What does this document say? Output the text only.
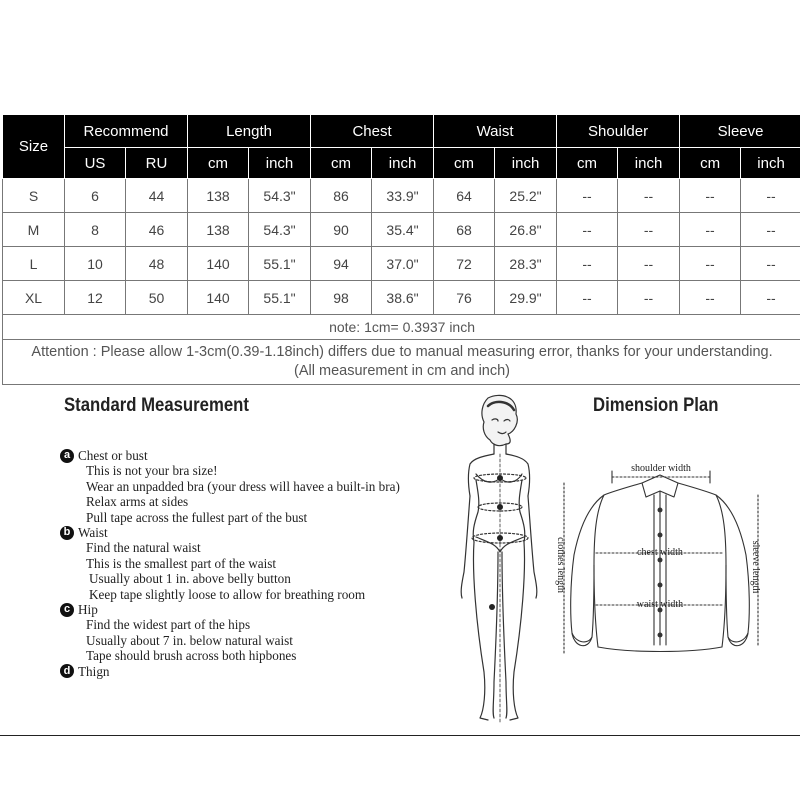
Size	Recommend		Length		Chest		Waist		Shoulder		Sleeve	
	US	RU	cm	inch	cm	inch	cm	inch	cm	inch	cm	inch
S	6	44	138	54.3"	86	33.9"	64	25.2"	--	--	--	--
M	8	46	138	54.3"	90	35.4"	68	26.8"	--	--	--	--
L	10	48	140	55.1"	94	37.0"	72	28.3"	--	--	--	--
XL	12	50	140	55.1"	98	38.6"	76	29.9"	--	--	--	--
note: 1cm= 0.3937 inch												
Attention : Please allow 1-3cm(0.39-1.18inch) differs due to manual measuring error, thanks for your understanding. (All measurement in cm and inch)												
Standard Measurement
a Chest or bust
This is not your bra size!
Wear an unpadded bra (your dress will havee a built-in bra)
Relax arms at sides
Pull tape across the fullest part of the bust
b Waist
Find the natural waist
This is the smallest part of the waist
Usually about 1 in. above belly button
Keep tape slightly loose to allow for breathing room
c Hip
Find the widest part of the hips
Usually about 7 in. below natural waist
Tape should brush across both hipbones
d Thign
Dimension Plan
shoulder width
chest width
waist width
clothes length	sleeve length
